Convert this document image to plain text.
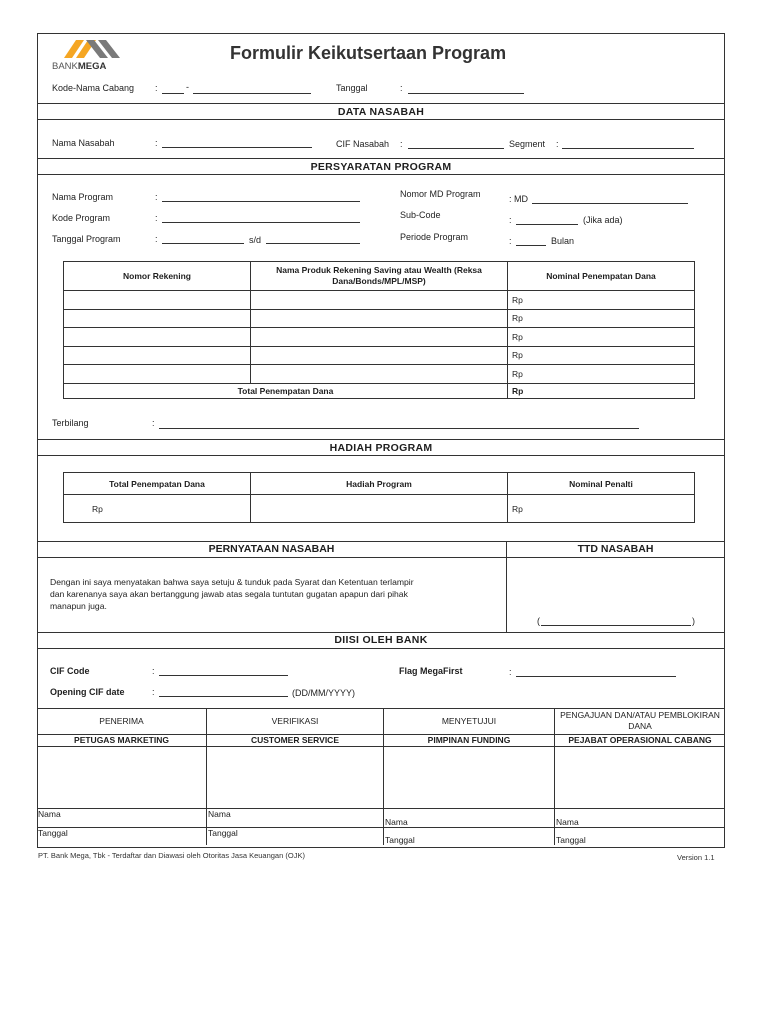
BANKMEGA
Formulir Keikutsertaan Program
Kode-Nama Cabang :	-	Tanggal	:
DATA NASABAH
Nama Nasabah	:	CIF Nasabah :	Segment :
PERSYARATAN PROGRAM
Nama Program	:
Kode Program	:
Tanggal Program	:	s/d
Nomor MD Program	: MD
Sub-Code	:	(Jika ada)
Periode Program	:	Bulan
Nomor Rekening	Nama Produk Rekening Saving atau Wealth (Reksa Dana/Bonds/MPL/MSP)	Nominal Penempatan Dana
		Rp
		Rp
		Rp
		Rp
		Rp
Total Penempatan Dana		Rp
Terbilang	:
HADIAH PROGRAM
Total Penempatan Dana	Hadiah Program	Nominal Penalti
Rp		Rp
PERNYATAAN NASABAH	TTD NASABAH
Dengan ini saya menyatakan bahwa saya setuju & tunduk pada Syarat dan Ketentuan terlampir
dan karenanya saya akan bertanggung jawab atas segala tuntutan gugatan apapun dari pihak
manapun juga.
(	)
DIISI OLEH BANK
CIF Code	:
Opening CIF date	:	(DD/MM/YYYY)
Flag MegaFirst	:
PENERIMA	VERIFIKASI	MENYETUJUI	PENGAJUAN DAN/ATAU PEMBLOKIRAN DANA
PETUGAS MARKETING	CUSTOMER SERVICE	PIMPINAN FUNDING	PEJABAT OPERASIONAL CABANG

Nama	Nama	Nama	Nama
Tanggal	Tanggal	Tanggal	Tanggal
PT. Bank Mega, Tbk - Terdaftar dan Diawasi oleh Otoritas Jasa Keuangan (OJK)	Version 1.1
